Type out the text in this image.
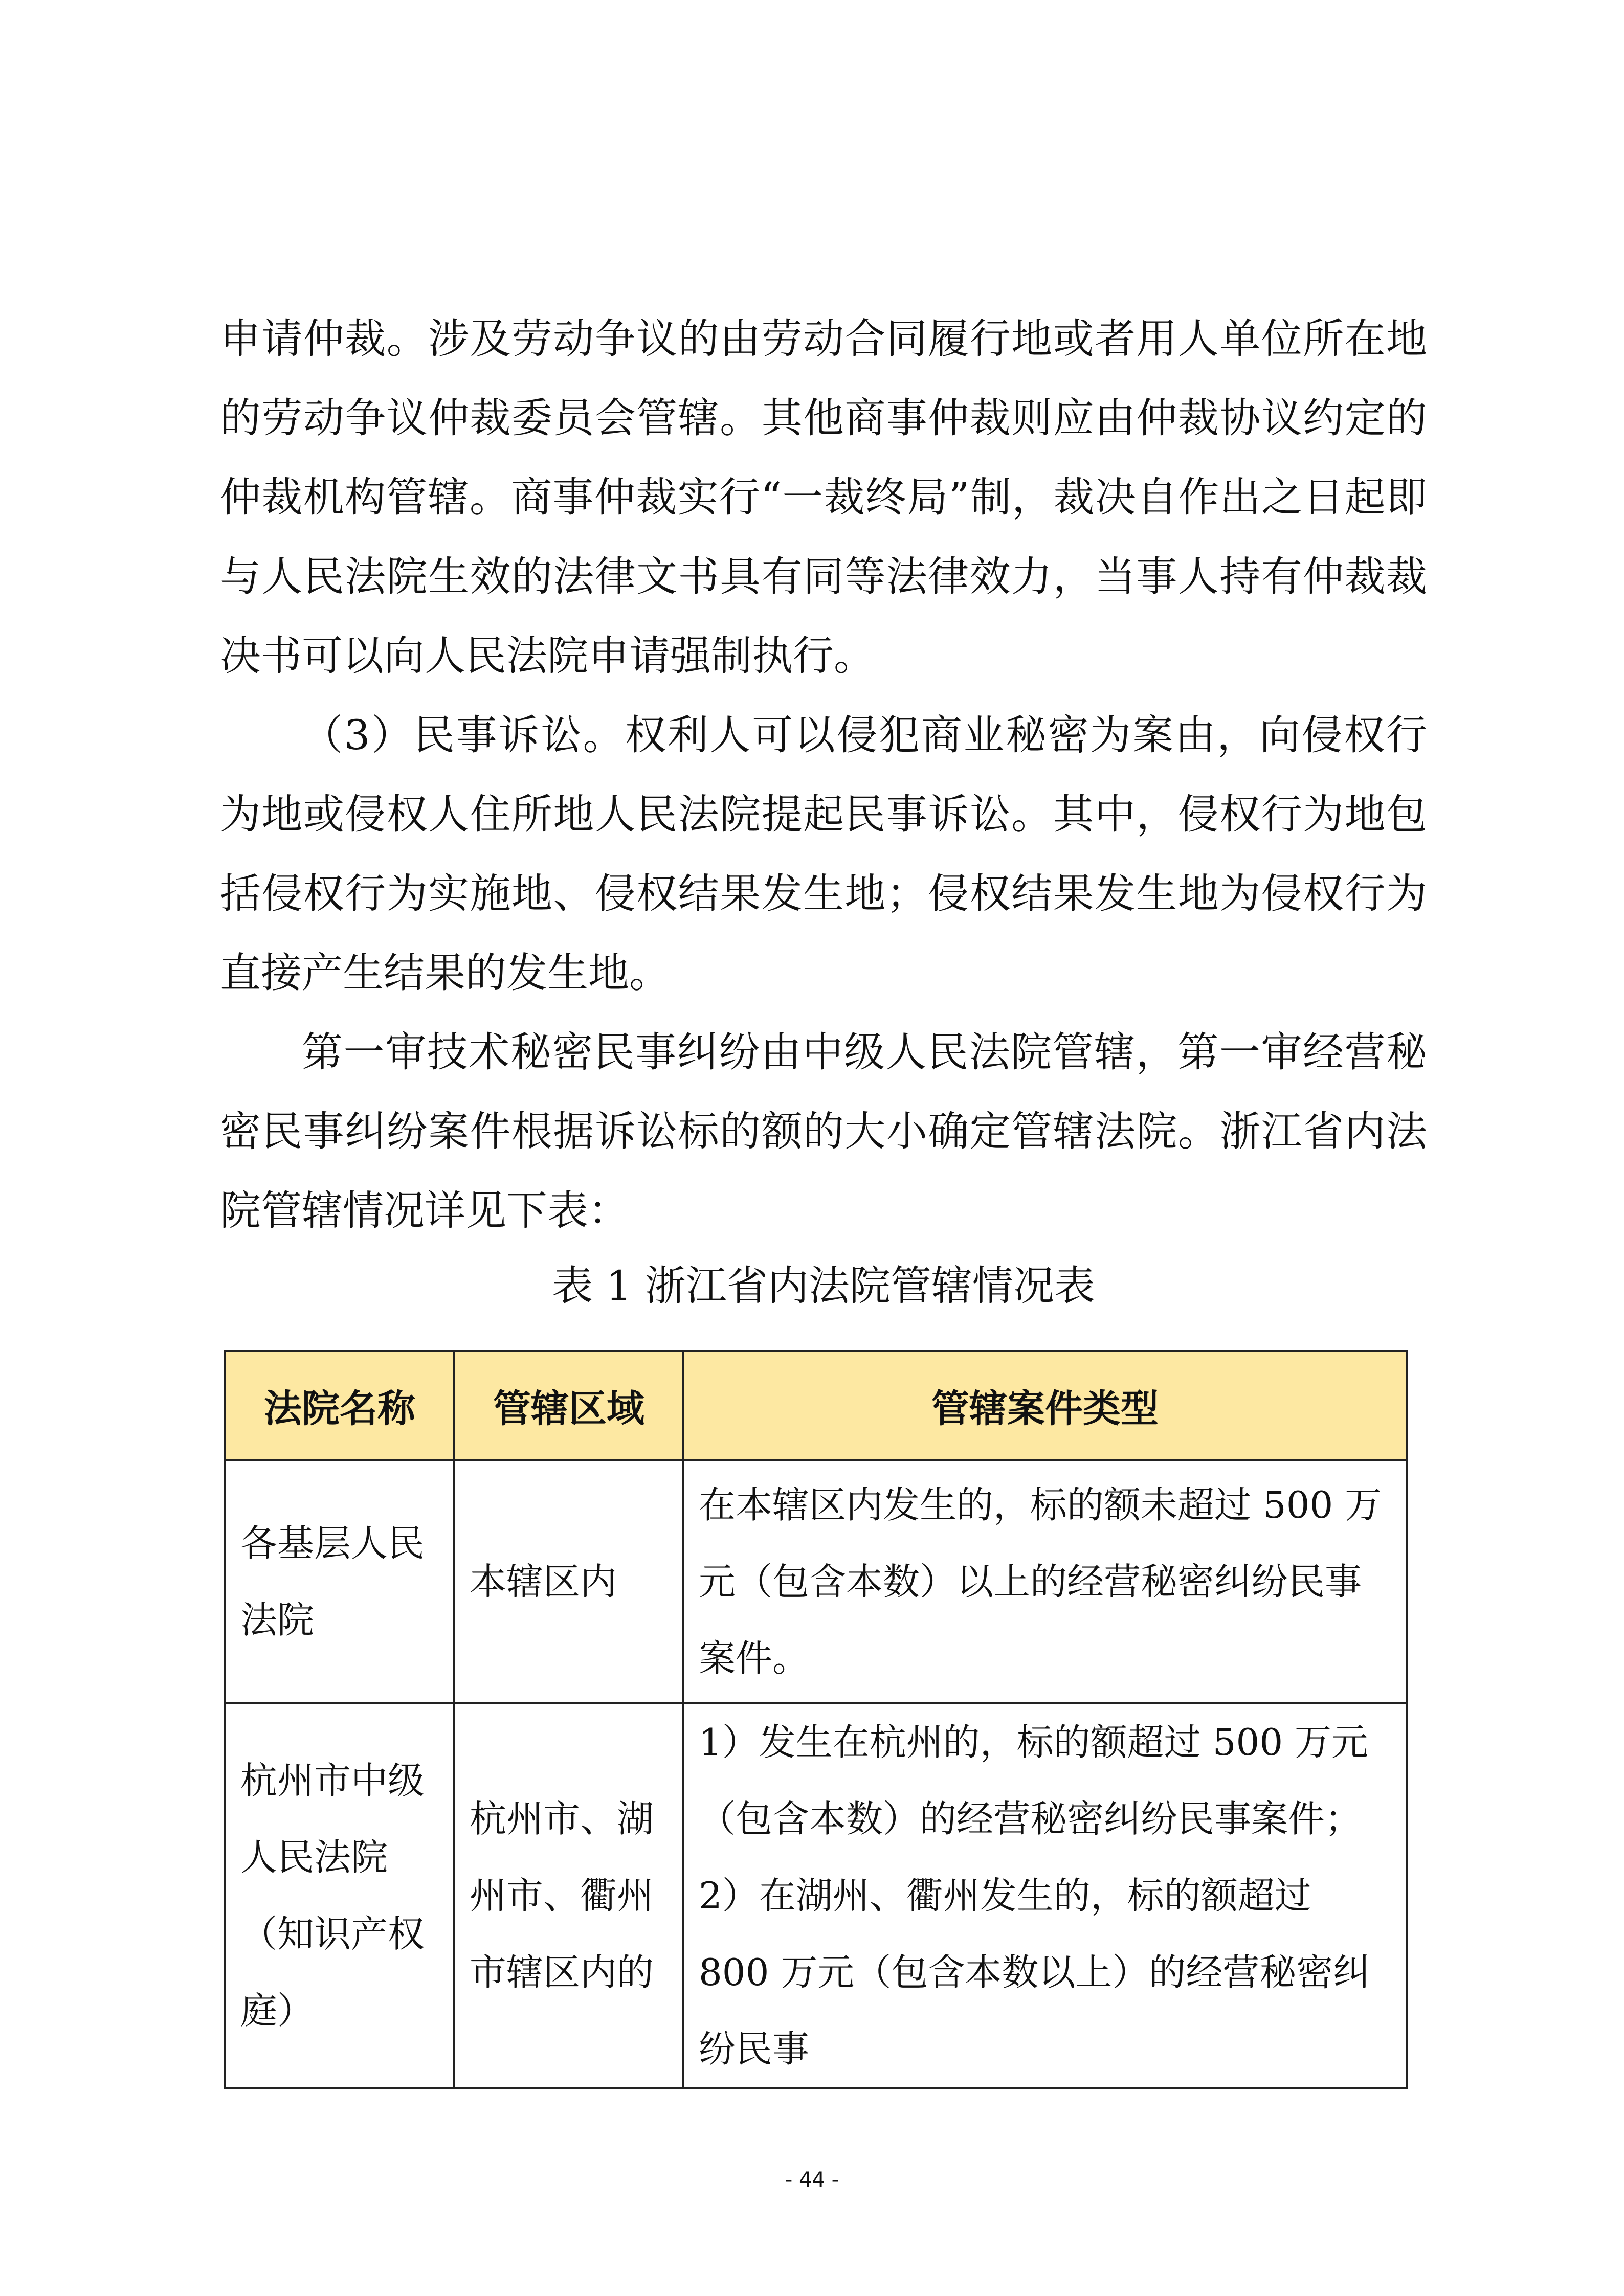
申请仲裁。涉及劳动争议的由劳动合同履行地或者用人单位所在地的劳动争议仲裁委员会管辖。其他商事仲裁则应由仲裁协议约定的仲裁机构管辖。商事仲裁实行“一裁终局”制，裁决自作出之日起即与人民法院生效的法律文书具有同等法律效力，当事人持有仲裁裁决书可以向人民法院申请强制执行。

（3）民事诉讼。权利人可以侵犯商业秘密为案由，向侵权行为地或侵权人住所地人民法院提起民事诉讼。其中，侵权行为地包括侵权行为实施地、侵权结果发生地；侵权结果发生地为侵权行为直接产生结果的发生地。

第一审技术秘密民事纠纷由中级人民法院管辖，第一审经营秘密民事纠纷案件根据诉讼标的额的大小确定管辖法院。浙江省内法院管辖情况详见下表：

表 1 浙江省内法院管辖情况表
法院名称	管辖区域	管辖案件类型
各基层人民法院	本辖区内	在本辖区内发生的，标的额未超过 500 万元（包含本数）以上的经营秘密纠纷民事案件。
杭州市中级人民法院（知识产权庭）	杭州市、湖州市、衢州市辖区内的	1）发生在杭州的，标的额超过 500 万元（包含本数）的经营秘密纠纷民事案件；
2）在湖州、衢州发生的，标的额超过 800 万元（包含本数以上）的经营秘密纠纷民事
- 44 -
